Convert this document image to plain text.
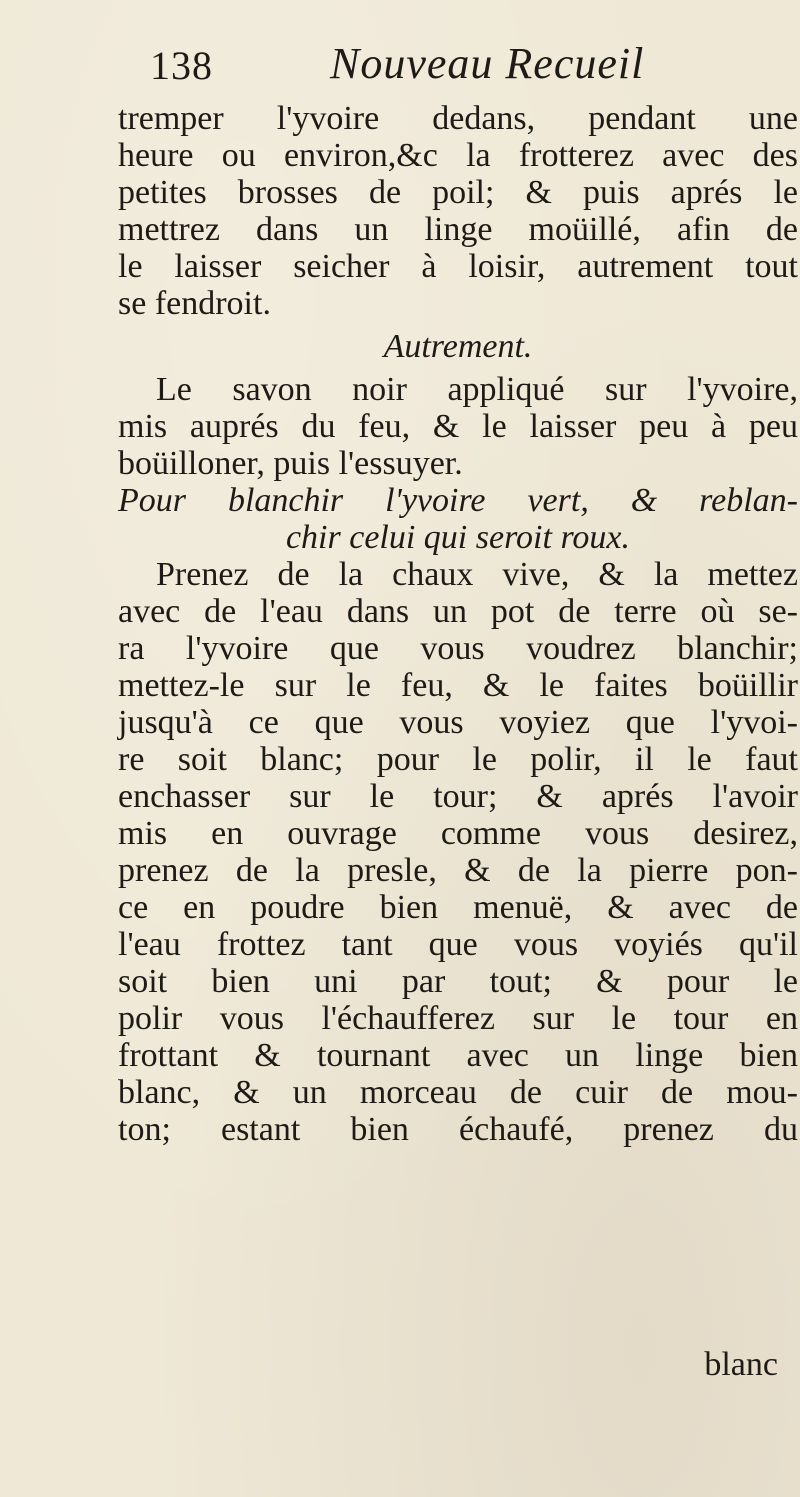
138	Nouveau Recueil
tremper l'yvoire dedans, pendant une
heure ou environ,&c la frotterez avec des
petites brosses de poil; & puis aprés le
mettrez dans un linge moüillé, afin de
le laisser seicher à loisir, autrement tout
se fendroit.
Autrement.
Le savon noir appliqué sur l'yvoire,
mis auprés du feu, & le laisser peu à peu
boüilloner, puis l'essuyer.
Pour blanchir l'yvoire vert, & reblan-
chir celui qui seroit roux.
Prenez de la chaux vive, & la mettez
avec de l'eau dans un pot de terre où se-
ra l'yvoire que vous voudrez blanchir;
mettez-le sur le feu, & le faites boüillir
jusqu'à ce que vous voyiez que l'yvoi-
re soit blanc; pour le polir, il le faut
enchasser sur le tour; & aprés l'avoir
mis en ouvrage comme vous desirez,
prenez de la presle, & de la pierre pon-
ce en poudre bien menuë, & avec de
l'eau frottez tant que vous voyiés qu'il
soit bien uni par tout; & pour le
polir vous l'échaufferez sur le tour en
frottant & tournant avec un linge bien
blanc, & un morceau de cuir de mou-
ton; estant bien échaufé, prenez du
blanc
